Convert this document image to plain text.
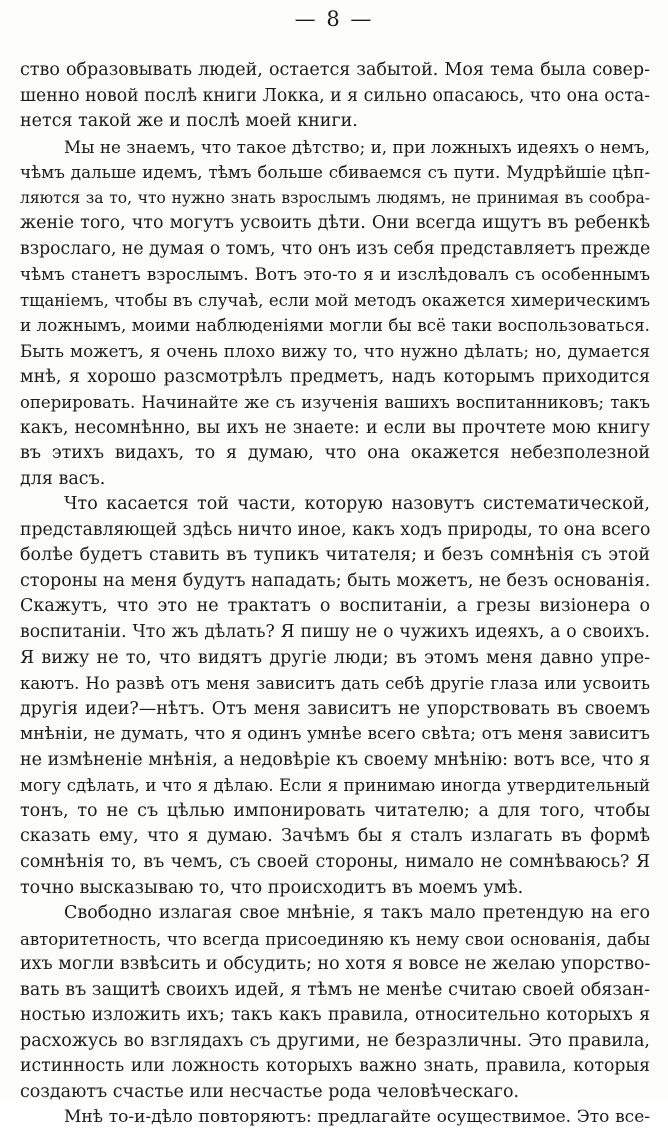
— 8 —
ство образовывать людей, остается забытой. Моя тема была совер-
шенно новой послѣ книги Локка, и я сильно опасаюсь, что она оста-
нется такой же и послѣ моей книги.
Мы не знаемъ, что такое дѣтство; и, при ложныхъ идеяхъ о немъ,
чѣмъ дальше идемъ, тѣмъ больше сбиваемся съ пути. Мудрѣйшіе цѣп-
ляются за то, что нужно знать взрослымъ людямъ, не принимая въ сообра-
женіе того, что могутъ усвоить дѣти. Они всегда ищутъ въ ребенкѣ
взрослаго, не думая о томъ, что онъ изъ себя представляетъ прежде
чѣмъ станетъ взрослымъ. Вотъ это-то я и изслѣдовалъ съ особеннымъ
тщаніемъ, чтобы въ случаѣ, если мой методъ окажется химерическимъ
и ложнымъ, моими наблюденіями могли бы всё таки воспользоваться.
Быть можетъ, я очень плохо вижу то, что нужно дѣлать; но, думается
мнѣ, я хорошо разсмотрѣлъ предметъ, надъ которымъ приходится
оперировать. Начинайте же съ изученія вашихъ воспитанниковъ; такъ
какъ, несомнѣнно, вы ихъ не знаете: и если вы прочтете мою книгу
въ этихъ видахъ, то я думаю, что она окажется небезполезной
для васъ.
Что касается той части, которую назовутъ систематической,
представляющей здѣсь ничто иное, какъ ходъ природы, то она всего
болѣе будетъ ставить въ тупикъ читателя; и безъ сомнѣнія съ этой
стороны на меня будутъ нападать; быть можетъ, не безъ основанія.
Скажутъ, что это не трактатъ о воспитаніи, а грезы визіонера о
воспитаніи. Что жъ дѣлать? Я пишу не о чужихъ идеяхъ, а о своихъ.
Я вижу не то, что видятъ другіе люди; въ этомъ меня давно упре-
каютъ. Но развѣ отъ меня зависитъ дать себѣ другіе глаза или усвоить
другія идеи?—нѣтъ. Отъ меня зависитъ не упорствовать въ своемъ
мнѣніи, не думать, что я одинъ умнѣе всего свѣта; отъ меня зависитъ
не измѣненіе мнѣнія, а недовѣріе къ своему мнѣнію: вотъ все, что я
могу сдѣлать, и что я дѣлаю. Если я принимаю иногда утвердительный
тонъ, то не съ цѣлью импонировать читателю; а для того, чтобы
сказать ему, что я думаю. Зачѣмъ бы я сталъ излагать въ формѣ
сомнѣнія то, въ чемъ, съ своей стороны, нимало не сомнѣваюсь? Я
точно высказываю то, что происходитъ въ моемъ умѣ.
Свободно излагая свое мнѣніе, я такъ мало претендую на его
авторитетность, что всегда присоединяю къ нему свои основанія, дабы
ихъ могли взвѣсить и обсудить; но хотя я вовсе не желаю упорство-
вать въ защитѣ своихъ идей, я тѣмъ не менѣе считаю своей обязан-
ностью изложить ихъ; такъ какъ правила, относительно которыхъ я
расхожусь во взглядахъ съ другими, не безразличны. Это правила,
истинность или ложность которыхъ важно знать, правила, которыя
создаютъ счастье или несчастье рода человѣческаго.
Мнѣ то-и-дѣло повторяютъ: предлагайте осуществимое. Это все-
